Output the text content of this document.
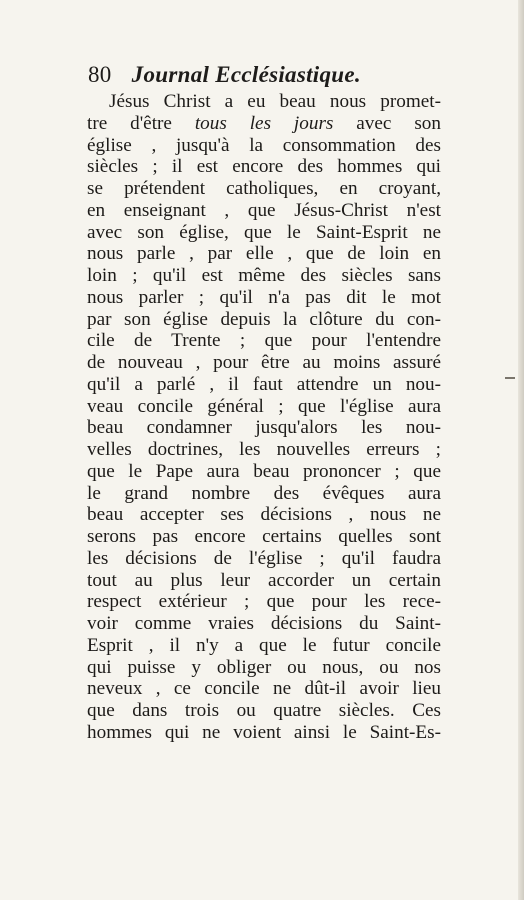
80 Journal Ecclésiastique.
Jésus Christ a eu beau nous promet-
tre d'être tous les jours avec son
église , jusqu'à la consommation des
siècles ; il est encore des hommes qui
se prétendent catholiques, en croyant,
en enseignant , que Jésus-Christ n'est
avec son église, que le Saint-Esprit ne
nous parle , par elle , que de loin en
loin ; qu'il est même des siècles sans
nous parler ; qu'il n'a pas dit le mot
par son église depuis la clôture du con-
cile de Trente ; que pour l'entendre
de nouveau , pour être au moins assuré
qu'il a parlé , il faut attendre un nou-
veau concile général ; que l'église aura
beau condamner jusqu'alors les nou-
velles doctrines, les nouvelles erreurs ;
que le Pape aura beau prononcer ; que
le grand nombre des évêques aura
beau accepter ses décisions , nous ne
serons pas encore certains quelles sont
les décisions de l'église ; qu'il faudra
tout au plus leur accorder un certain
respect extérieur ; que pour les rece-
voir comme vraies décisions du Saint-
Esprit , il n'y a que le futur concile
qui puisse y obliger ou nous, ou nos
neveux , ce concile ne dût-il avoir lieu
que dans trois ou quatre siècles. Ces
hommes qui ne voient ainsi le Saint-Es-
